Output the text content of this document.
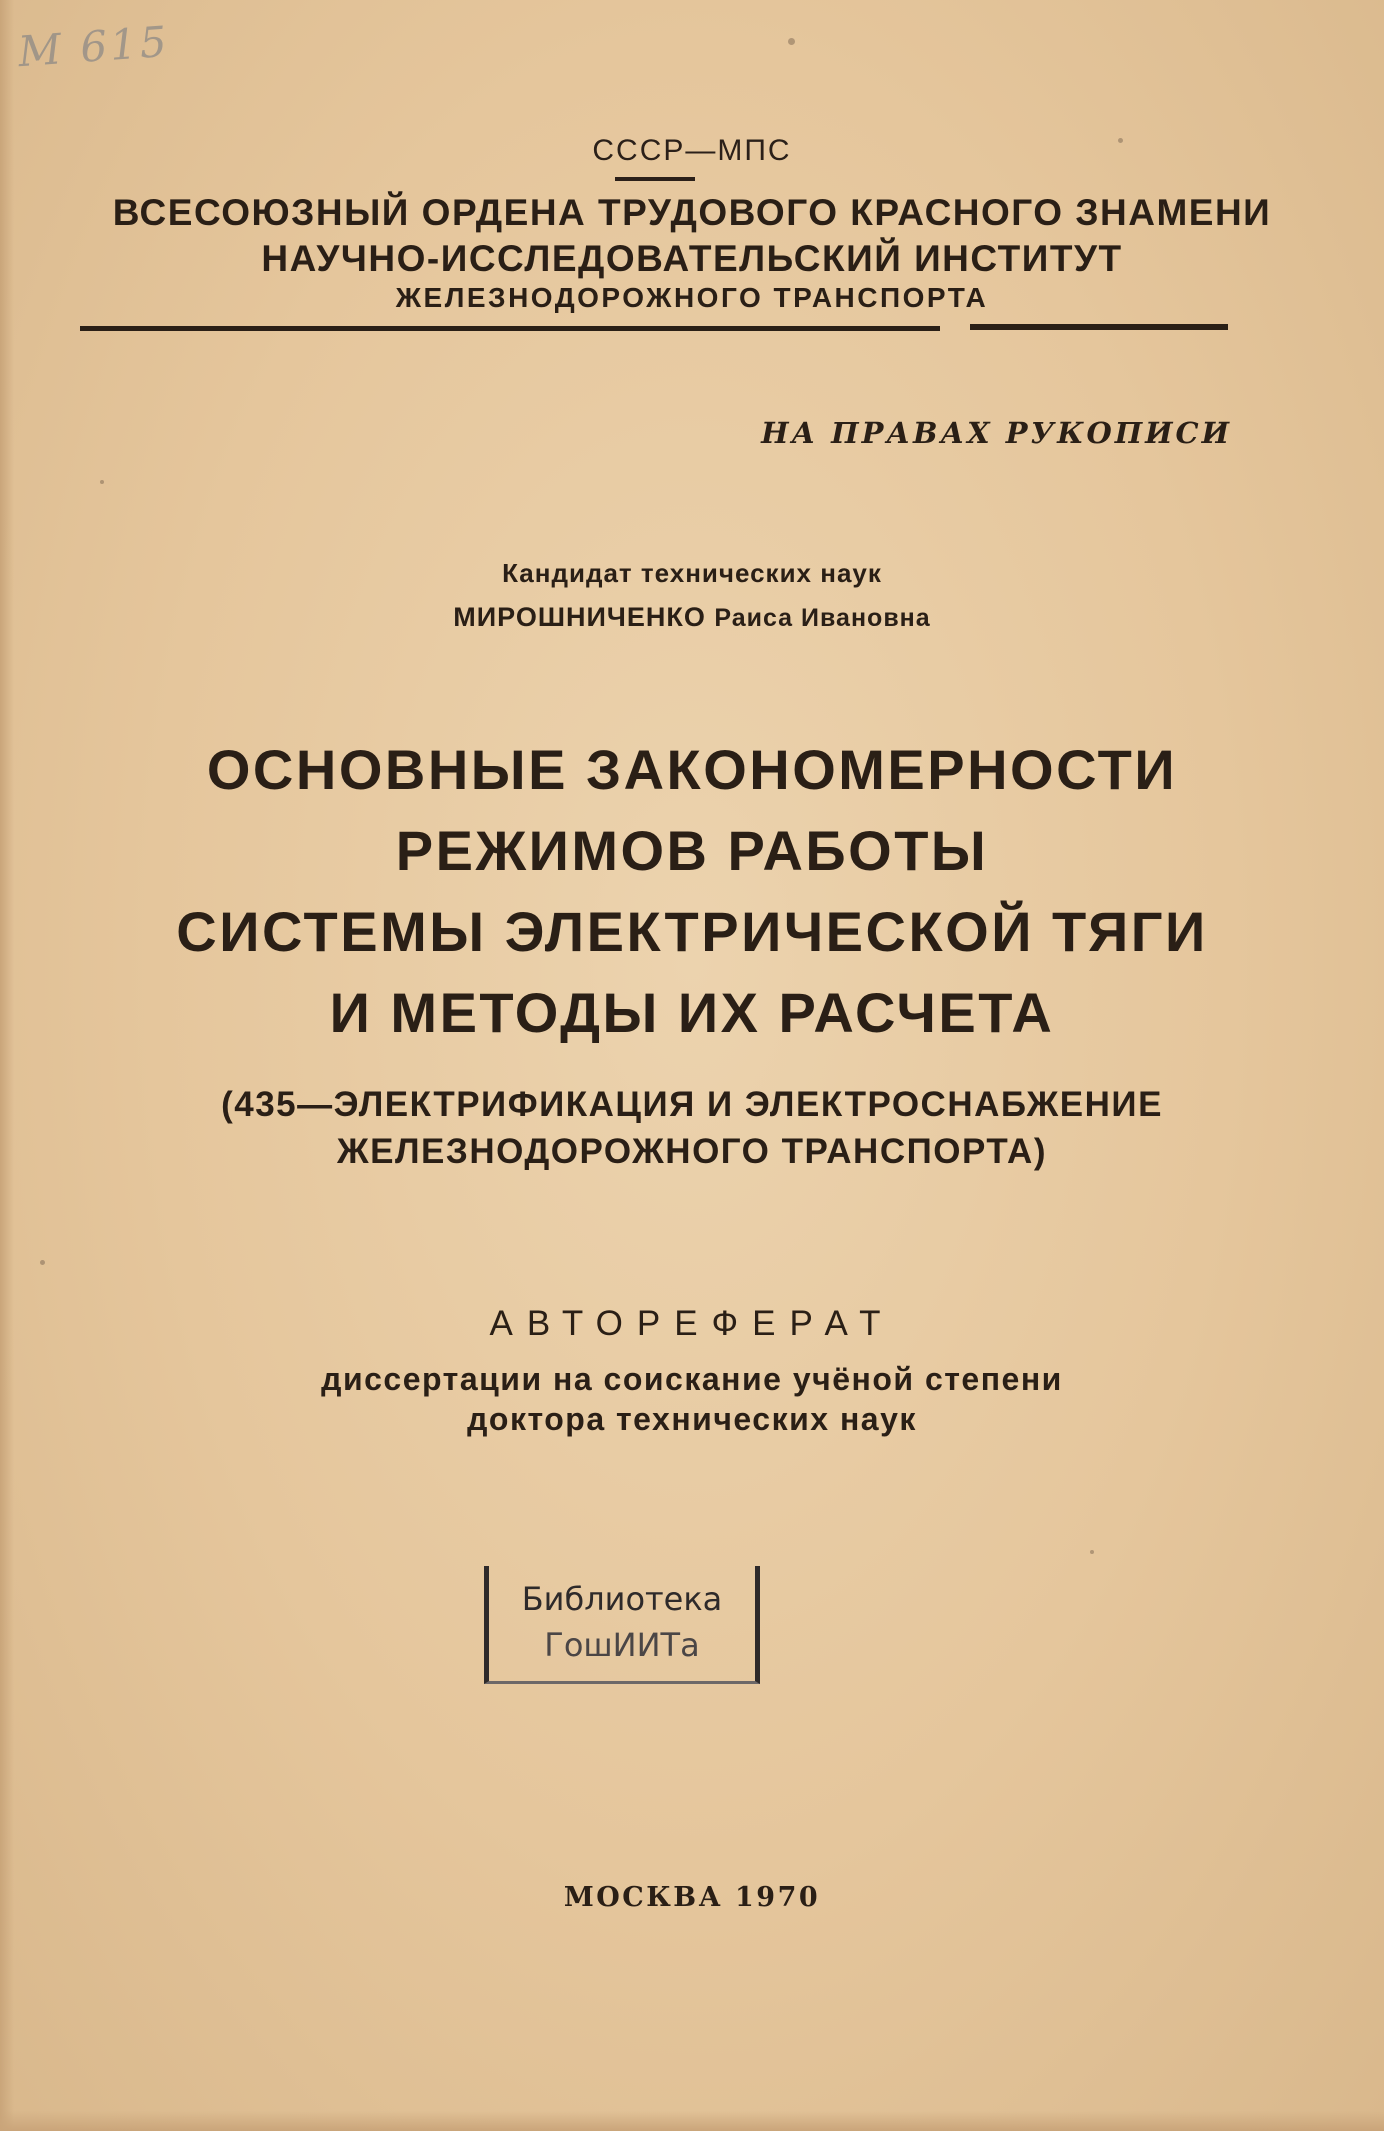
M 615
СССР—МПС
ВСЕСОЮЗНЫЙ ОРДЕНА ТРУДОВОГО КРАСНОГО ЗНАМЕНИ
НАУЧНО-ИССЛЕДОВАТЕЛЬСКИЙ ИНСТИТУТ
ЖЕЛЕЗНОДОРОЖНОГО ТРАНСПОРТА
НА ПРАВАХ РУКОПИСИ
Кандидат технических наук
МИРОШНИЧЕНКО Раиса Ивановна
ОСНОВНЫЕ ЗАКОНОМЕРНОСТИ
РЕЖИМОВ РАБОТЫ
СИСТЕМЫ ЭЛЕКТРИЧЕСКОЙ ТЯГИ
И МЕТОДЫ ИХ РАСЧЕТА
(435—ЭЛЕКТРИФИКАЦИЯ И ЭЛЕКТРОСНАБЖЕНИЕ
ЖЕЛЕЗНОДОРОЖНОГО ТРАНСПОРТА)
АВТОРЕФЕРАТ
диссертации на соискание учёной степени
доктора технических наук
Библиотека
ГошИИТа
МОСКВА 1970
